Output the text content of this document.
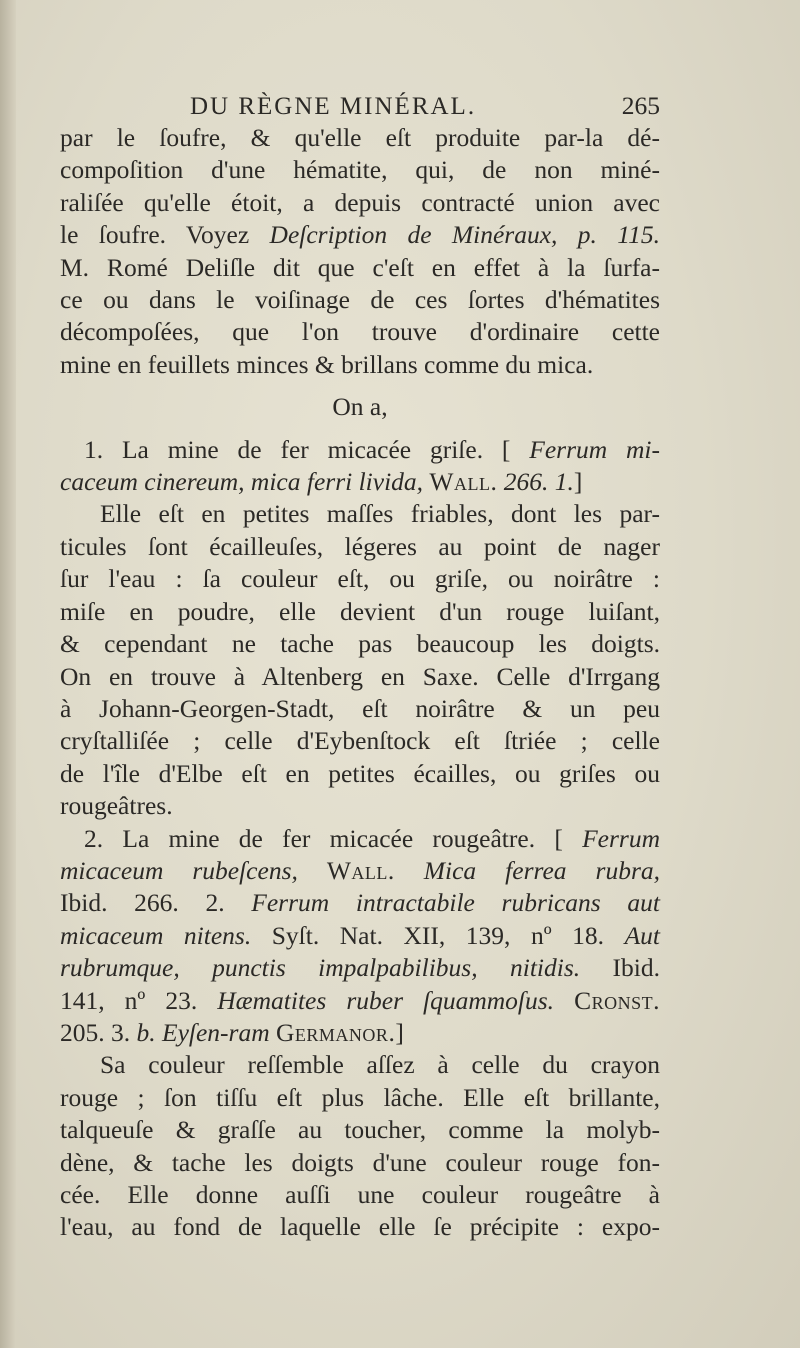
DU RÈGNE MINÉRAL.	265
par le ſoufre, & qu'elle eſt produite par-la dé-
compoſition d'une hématite, qui, de non miné-
raliſée qu'elle étoit, a depuis contracté union avec
le ſoufre. Voyez Deſcription de Minéraux, p. 115.
M. Romé Deliſle dit que c'eſt en effet à la ſurfa-
ce ou dans le voiſinage de ces ſortes d'hématites
décompoſées, que l'on trouve d'ordinaire cette
mine en feuillets minces & brillans comme du mica.
On a,
1. La mine de fer micacée griſe. [ Ferrum mi-
caceum cinereum, mica ferri livida, Wall. 266. 1.]
Elle eſt en petites maſſes friables, dont les par-
ticules ſont écailleuſes, légeres au point de nager
ſur l'eau : ſa couleur eſt, ou griſe, ou noirâtre :
miſe en poudre, elle devient d'un rouge luiſant,
& cependant ne tache pas beaucoup les doigts.
On en trouve à Altenberg en Saxe. Celle d'Irrgang
à Johann-Georgen-Stadt, eſt noirâtre & un peu
cryſtalliſée ; celle d'Eybenſtock eſt ſtriée ; celle
de l'île d'Elbe eſt en petites écailles, ou griſes ou
rougeâtres.
2. La mine de fer micacée rougeâtre. [ Ferrum
micaceum rubeſcens, Wall. Mica ferrea rubra,
Ibid. 266. 2. Ferrum intractabile rubricans aut
micaceum nitens. Syſt. Nat. XII, 139, nº 18. Aut
rubrumque, punctis impalpabilibus, nitidis. Ibid.
141, nº 23. Hæmatites ruber ſquammoſus. Cronst.
205. 3. b. Eyſen-ram Germanor.]
Sa couleur reſſemble aſſez à celle du crayon
rouge ; ſon tiſſu eſt plus lâche. Elle eſt brillante,
talqueuſe & graſſe au toucher, comme la molyb-
dène, & tache les doigts d'une couleur rouge fon-
cée. Elle donne auſſi une couleur rougeâtre à
l'eau, au fond de laquelle elle ſe précipite : expo-
